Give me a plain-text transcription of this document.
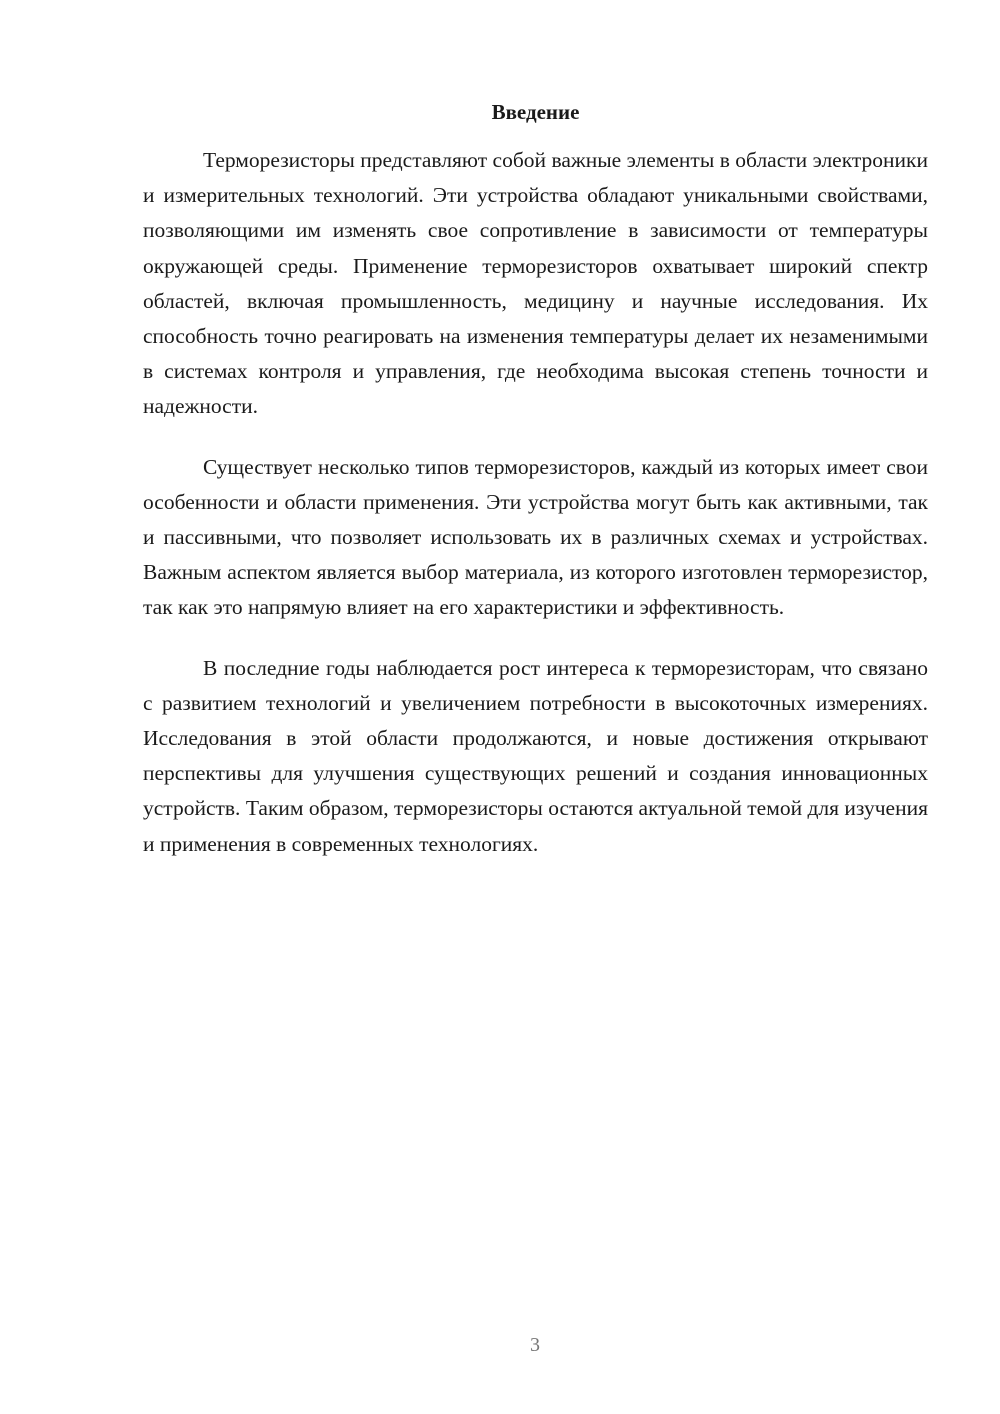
Введение

Терморезисторы представляют собой важные элементы в области электроники и измерительных технологий. Эти устройства обладают уникальными свойствами, позволяющими им изменять свое сопротивление в зависимости от температуры окружающей среды. Применение терморезисторов охватывает широкий спектр областей, включая промышленность, медицину и научные исследования. Их способность точно реагировать на изменения температуры делает их незаменимыми в системах контроля и управления, где необходима высокая степень точности и надежности.

Существует несколько типов терморезисторов, каждый из которых имеет свои особенности и области применения. Эти устройства могут быть как активными, так и пассивными, что позволяет использовать их в различных схемах и устройствах. Важным аспектом является выбор материала, из которого изготовлен терморезистор, так как это напрямую влияет на его характеристики и эффективность.

В последние годы наблюдается рост интереса к терморезисторам, что связано с развитием технологий и увеличением потребности в высокоточных измерениях. Исследования в этой области продолжаются, и новые достижения открывают перспективы для улучшения существующих решений и создания инновационных устройств. Таким образом, терморезисторы остаются актуальной темой для изучения и применения в современных технологиях.

3
